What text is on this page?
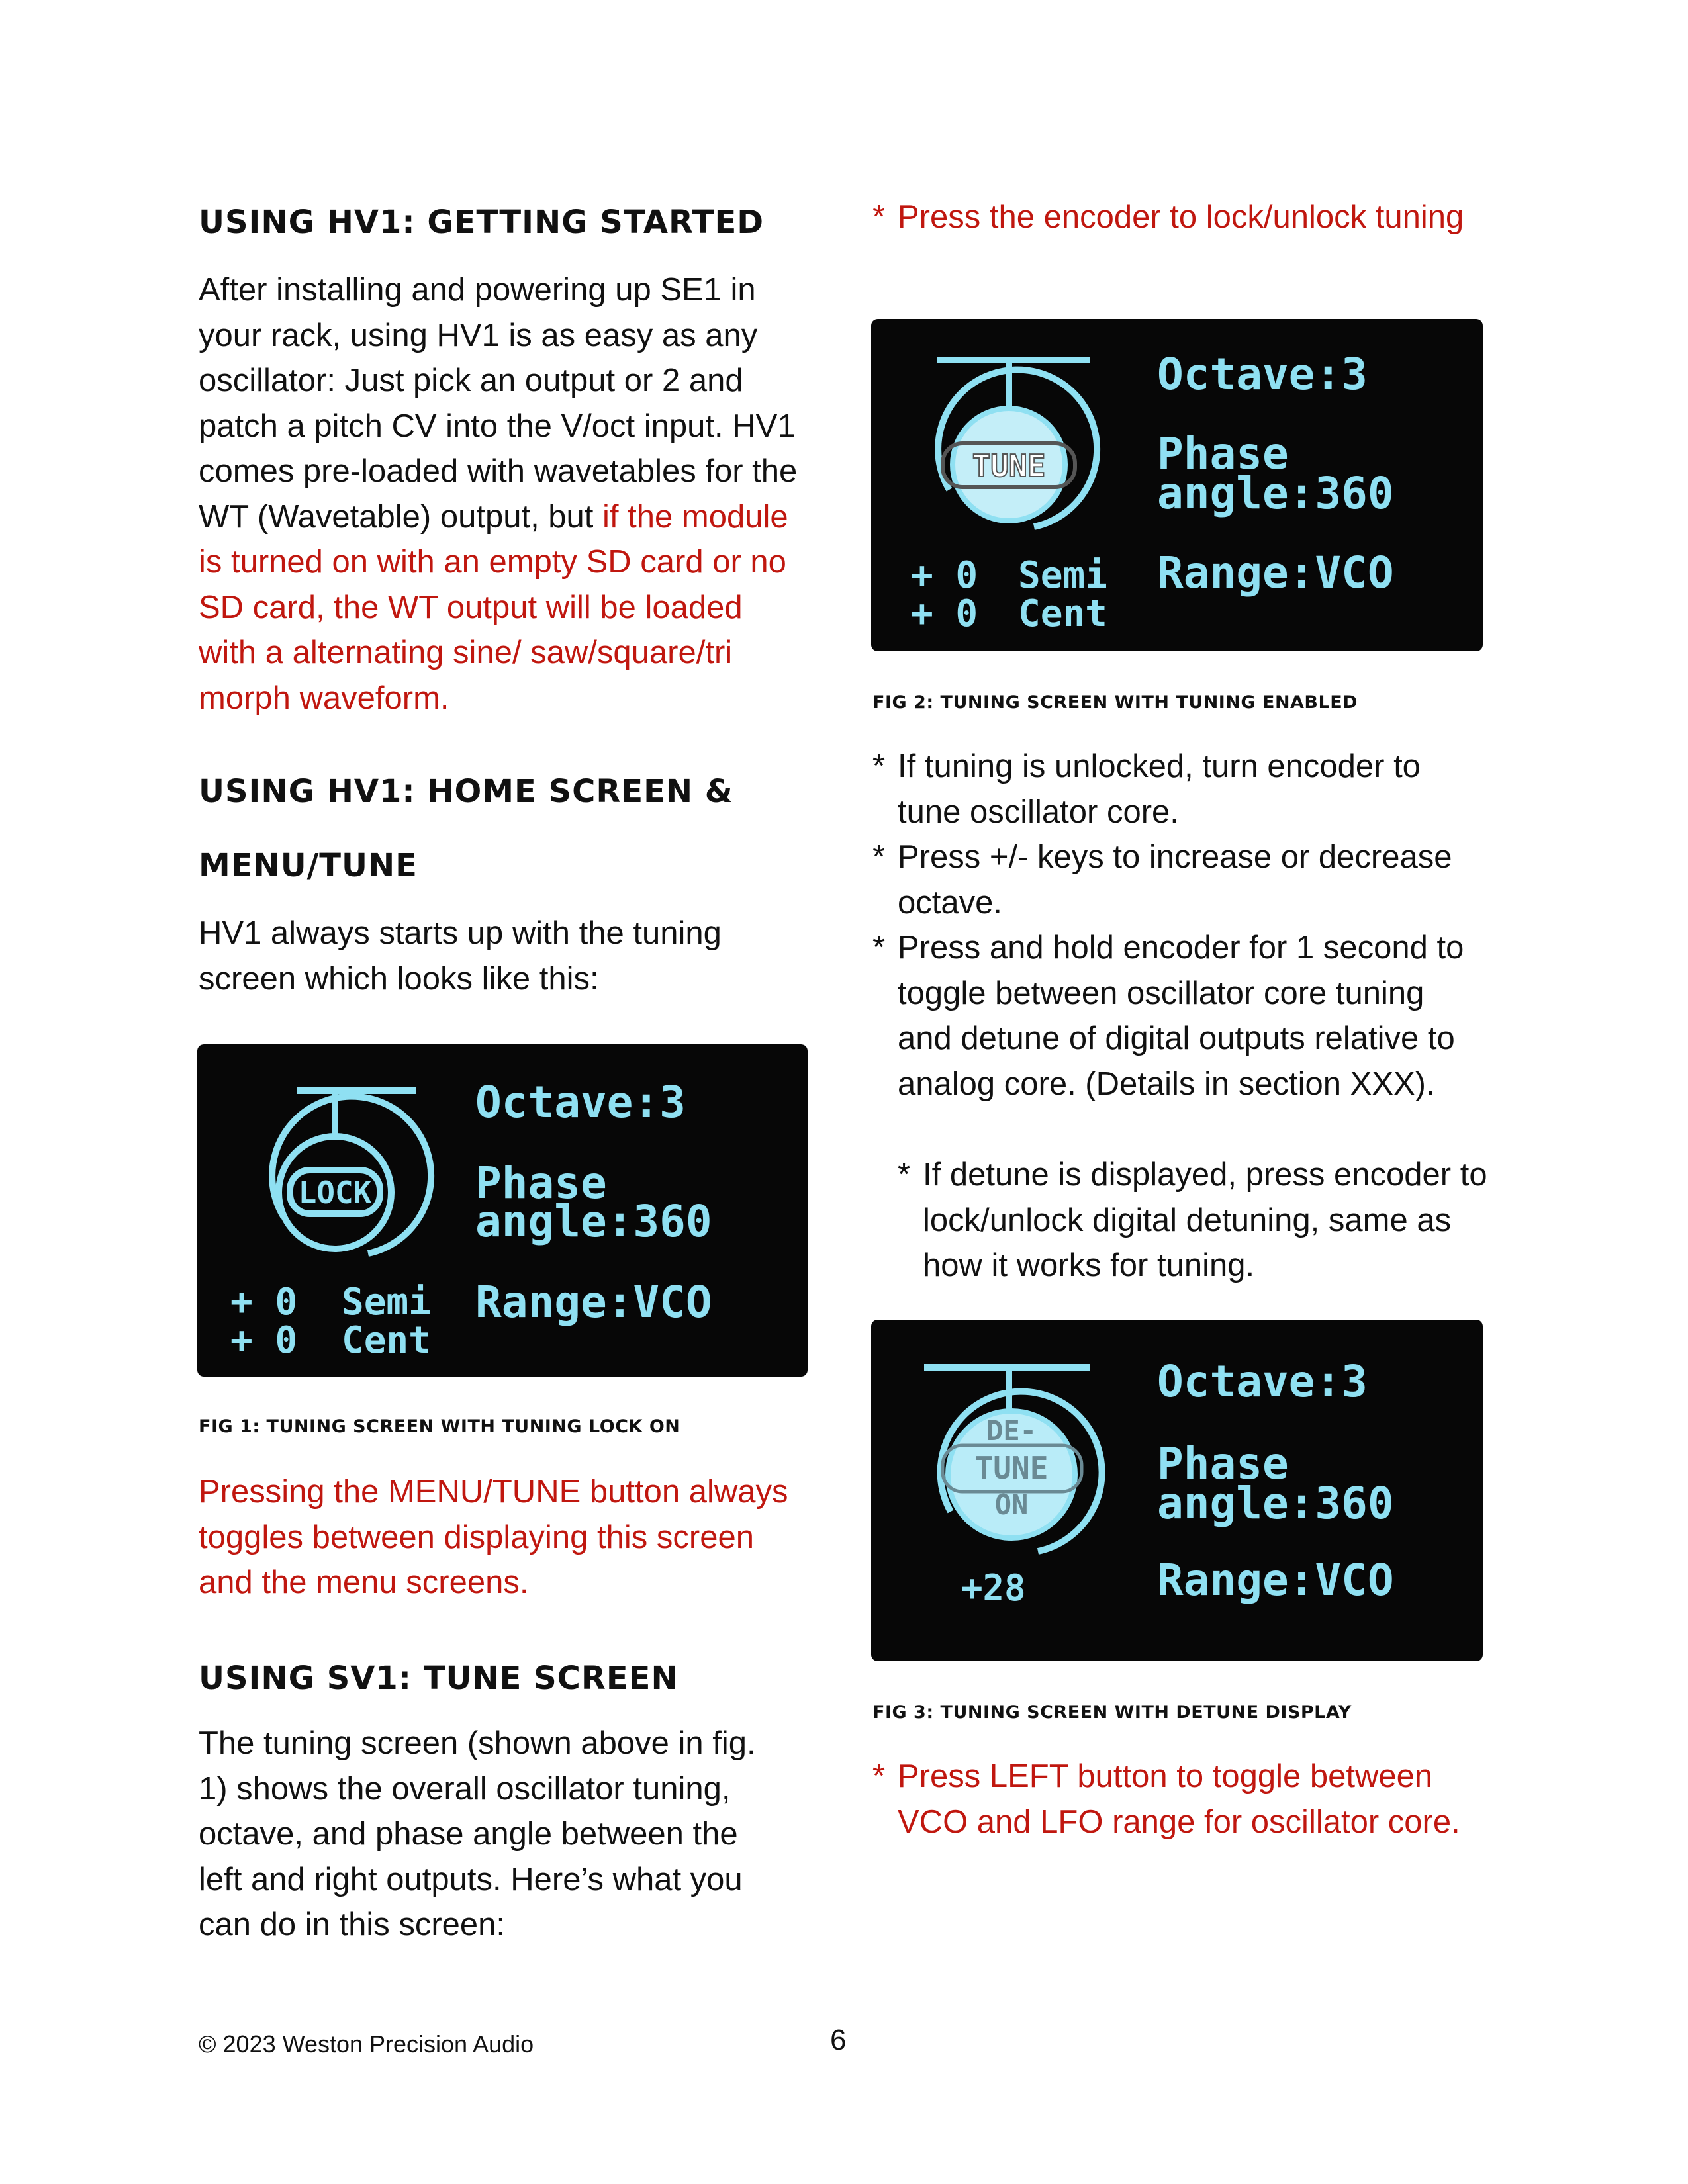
USING HV1: GETTING STARTED
After installing and powering up SE1 in your rack, using HV1 is as easy as any oscillator: Just pick an output or 2 and patch a pitch CV into the V/oct input. HV1 comes pre-loaded with wavetables for the WT (Wavetable) output, but if the module is turned on with an empty SD card or no SD card, the WT output will be loaded with a alternating sine/ saw/square/tri morph waveform.
USING HV1: HOME SCREEN &
MENU/TUNE
HV1 always starts up with the tuning screen which looks like this:
LOCK
Octave:3
Phase
angle:360
Range:VCO
+ 0 Semi
+ 0 Cent
FIG 1: TUNING SCREEN WITH TUNING LOCK ON
Pressing the MENU/TUNE button always toggles between displaying this screen and the menu screens.
USING SV1: TUNE SCREEN
The tuning screen (shown above in fig. 1) shows the overall oscillator tuning, octave, and phase angle between the left and right outputs. Here’s what you can do in this screen:
* Press the encoder to lock/unlock tuning
TUNE
Octave:3
Phase
angle:360
Range:VCO
+ 0 Semi
+ 0 Cent
FIG 2: TUNING SCREEN WITH TUNING ENABLED
* If tuning is unlocked, turn encoder to tune oscillator core.
* Press +/- keys to increase or decrease octave.
* Press and hold encoder for 1 second to toggle between oscillator core tuning and detune of digital outputs relative to analog core. (Details in section XXX).
* If detune is displayed, press encoder to lock/unlock digital detuning, same as how it works for tuning.
DE-
TUNE
ON
Octave:3
Phase
angle:360
Range:VCO
+28
FIG 3: TUNING SCREEN WITH DETUNE DISPLAY
* Press LEFT button to toggle between VCO and LFO range for oscillator core.
© 2023 Weston Precision Audio	6
